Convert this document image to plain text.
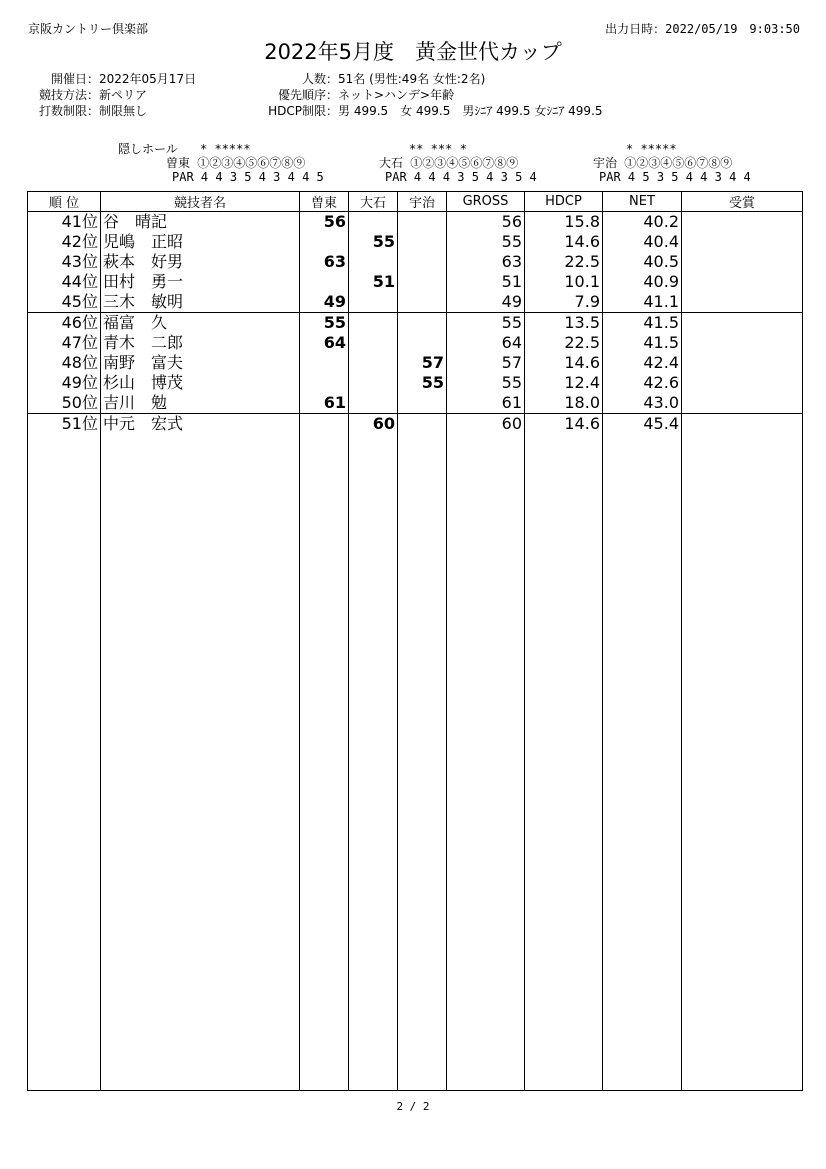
京阪カントリー倶楽部	出力日時：2022/05/19　9:03:50
2022年5月度　黄金世代カップ
開催日：2022年05月17日
競技方法：新ペリア
打数制限：制限無し
人数：51名 (男性:49名 女性:2名)
優先順序：ネット>ハンデ>年齢
HDCP制限：男 499.5　女 499.5　男ｼﾆｱ 499.5 女ｼﾆｱ 499.5
隠しホール * *****
曽東 ①②③④⑤⑥⑦⑧⑨
PAR 4 4 3 5 4 3 4 4 5
** *** *
大石 ①②③④⑤⑥⑦⑧⑨
PAR 4 4 4 3 5 4 3 5 4
* *****
宇治 ①②③④⑤⑥⑦⑧⑨
PAR 4 5 3 5 4 4 3 4 4
順 位	競技者名	曽東	大石	宇治	GROSS	HDCP	NET	受賞
41位	谷　晴記	56			56	15.8	40.2	
42位	児嶋　正昭		55		55	14.6	40.4	
43位	萩本　好男	63			63	22.5	40.5	
44位	田村　勇一		51		51	10.1	40.9	
45位	三木　敏明	49			49	7.9	41.1	
46位	福富　久	55			55	13.5	41.5	
47位	青木　二郎	64			64	22.5	41.5	
48位	南野　富夫			57	57	14.6	42.4	
49位	杉山　博茂			55	55	12.4	42.6	
50位	吉川　勉	61			61	18.0	43.0	
51位	中元　宏式		60		60	14.6	45.4	

2 / 2
